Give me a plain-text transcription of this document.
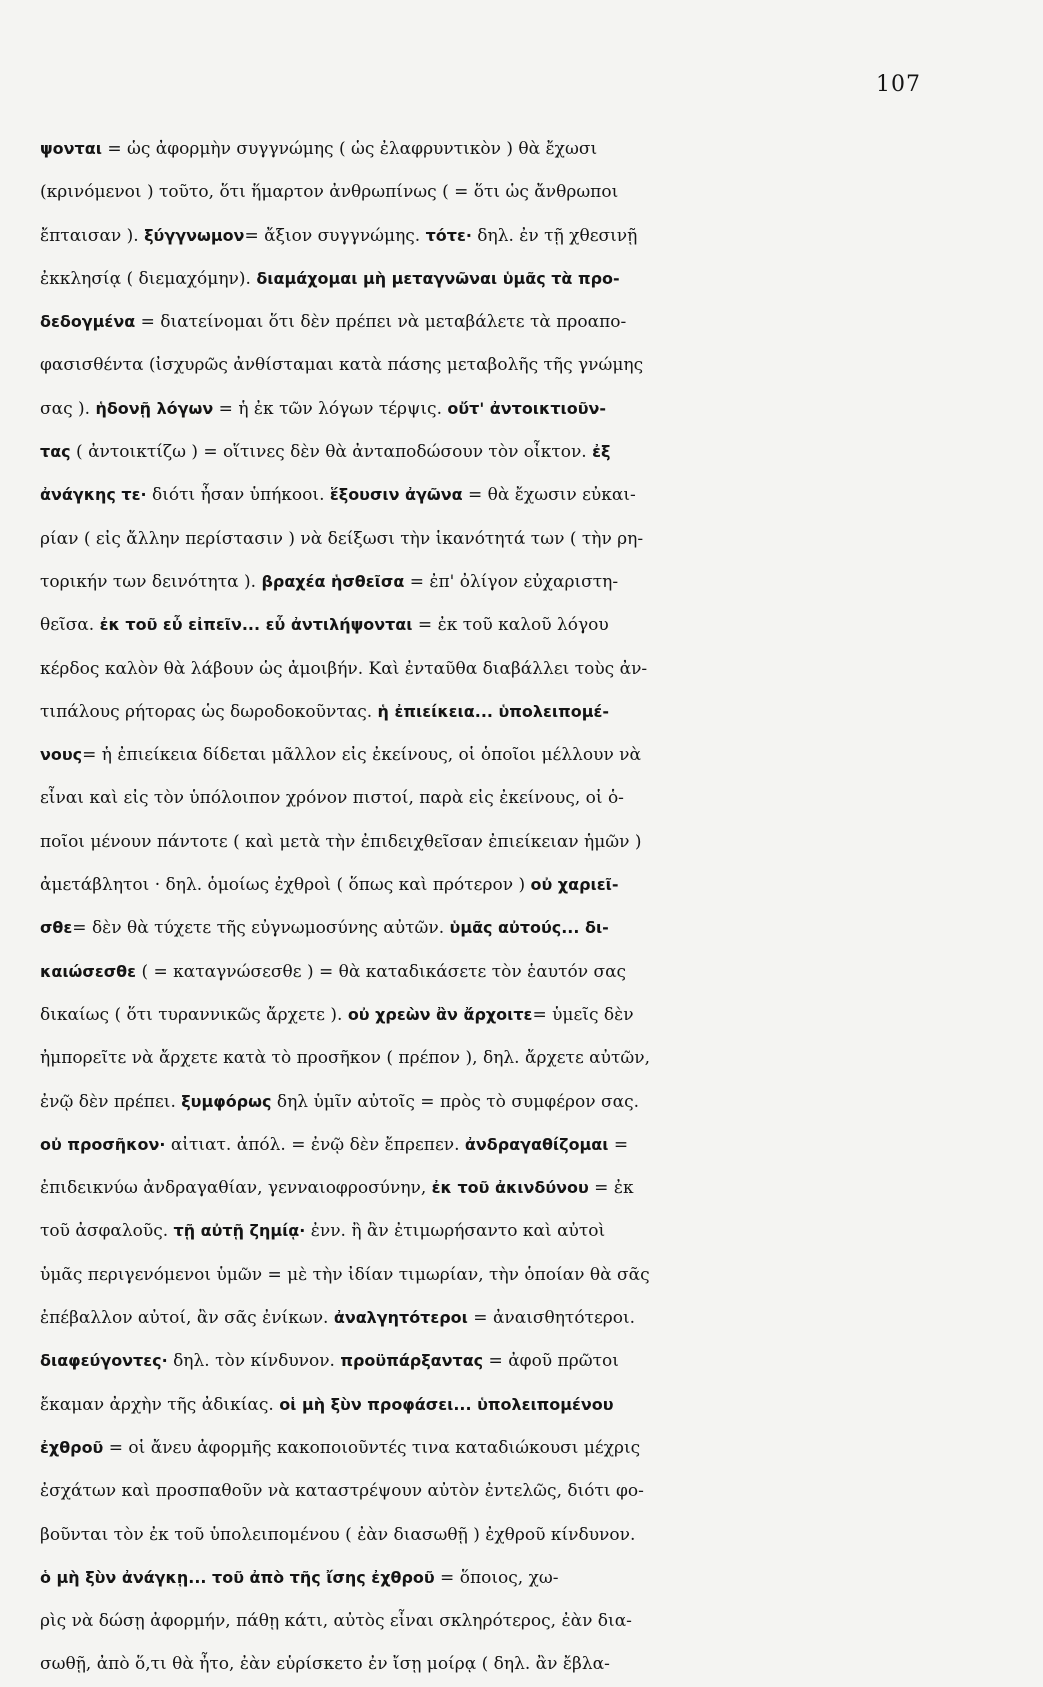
107
ψονται = ὡς ἀφορμὴν συγγνώμης ( ὡς ἐλαφρυντικὸν ) θὰ ἔχωσι
(κρινόμενοι ) τοῦτο, ὅτι ἥμαρτον ἀνθρωπίνως ( = ὅτι ὡς ἄνθρωποι
ἔπταισαν ). ξύγγνωμον= ἄξιον συγγνώμης. τότε· δηλ. ἐν τῇ χθεσινῇ
ἐκκλησίᾳ ( διεμαχόμην). διαμάχομαι μὴ μεταγνῶναι ὑμᾶς τὰ προ-
δεδογμένα = διατείνομαι ὅτι δὲν πρέπει νὰ μεταβάλετε τὰ προαπο-
φασισθέντα (ἰσχυρῶς ἀνθίσταμαι κατὰ πάσης μεταβολῆς τῆς γνώμης
σας ). ἡδονῇ λόγων = ἡ ἐκ τῶν λόγων τέρψις. οὔτ' ἀντοικτιοῦν-
τας ( ἀντοικτίζω ) = οἵτινες δὲν θὰ ἀνταποδώσουν τὸν οἶκτον. ἐξ
ἀνάγκης τε· διότι ἦσαν ὑπήκοοι. ἕξουσιν ἀγῶνα = θὰ ἔχωσιν εὐκαι-
ρίαν ( εἰς ἄλλην περίστασιν ) νὰ δείξωσι τὴν ἱκανότητά των ( τὴν ρη-
τορικήν των δεινότητα ). βραχέα ἡσθεῖσα = ἐπ' ὀλίγον εὐχαριστη-
θεῖσα. ἐκ τοῦ εὖ εἰπεῖν... εὖ ἀντιλήψονται = ἐκ τοῦ καλοῦ λόγου
κέρδος καλὸν θὰ λάβουν ὡς ἀμοιβήν. Καὶ ἐνταῦθα διαβάλλει τοὺς ἀν-
τιπάλους ρήτορας ὡς δωροδοκοῦντας. ἡ ἐπιείκεια... ὑπολειπομέ-
νους= ἡ ἐπιείκεια δίδεται μᾶλλον εἰς ἐκείνους, οἱ ὁποῖοι μέλλουν νὰ
εἶναι καὶ εἰς τὸν ὑπόλοιπον χρόνον πιστοί, παρὰ εἰς ἐκείνους, οἱ ὁ-
ποῖοι μένουν πάντοτε ( καὶ μετὰ τὴν ἐπιδειχθεῖσαν ἐπιείκειαν ἡμῶν )
ἀμετάβλητοι · δηλ. ὁμοίως ἐχθροὶ ( ὅπως καὶ πρότερον ) οὐ χαριεῖ-
σθε= δὲν θὰ τύχετε τῆς εὐγνωμοσύνης αὐτῶν. ὑμᾶς αὐτούς... δι-
καιώσεσθε ( = καταγνώσεσθε ) = θὰ καταδικάσετε τὸν ἑαυτόν σας
δικαίως ( ὅτι τυραννικῶς ἄρχετε ). οὐ χρεὼν ἂν ἄρχοιτε= ὑμεῖς δὲν
ἠμπορεῖτε νὰ ἄρχετε κατὰ τὸ προσῆκον ( πρέπον ), δηλ. ἄρχετε αὐτῶν,
ἐνῷ δὲν πρέπει. ξυμφόρως δηλ ὑμῖν αὐτοῖς = πρὸς τὸ συμφέρον σας.
οὐ προσῆκον· αἰτιατ. ἀπόλ. = ἐνῷ δὲν ἔπρεπεν. ἀνδραγαθίζομαι =
ἐπιδεικνύω ἀνδραγαθίαν, γενναιοφροσύνην, ἐκ τοῦ ἀκινδύνου = ἐκ
τοῦ ἀσφαλοῦς. τῇ αὐτῇ ζημίᾳ· ἐνν. ἢ ἂν ἐτιμωρήσαντο καὶ αὐτοὶ
ὑμᾶς περιγενόμενοι ὑμῶν = μὲ τὴν ἰδίαν τιμωρίαν, τὴν ὁποίαν θὰ σᾶς
ἐπέβαλλον αὐτοί, ἂν σᾶς ἐνίκων. ἀναλγητότεροι = ἀναισθητότεροι.
διαφεύγοντες· δηλ. τὸν κίνδυνον. προϋπάρξαντας = ἀφοῦ πρῶτοι
ἔκαμαν ἀρχὴν τῆς ἀδικίας. οἱ μὴ ξὺν προφάσει... ὑπολειπομένου
ἐχθροῦ = οἱ ἄνευ ἀφορμῆς κακοποιοῦντές τινα καταδιώκουσι μέχρις
ἐσχάτων καὶ προσπαθοῦν νὰ καταστρέψουν αὐτὸν ἐντελῶς, διότι φο-
βοῦνται τὸν ἐκ τοῦ ὑπολειπομένου ( ἐὰν διασωθῇ ) ἐχθροῦ κίνδυνον.
ὁ μὴ ξὺν ἀνάγκῃ... τοῦ ἀπὸ τῆς ἴσης ἐχθροῦ = ὅποιος, χω-
ρὶς νὰ δώσῃ ἀφορμήν, πάθῃ κάτι, αὐτὸς εἶναι σκληρότερος, ἐὰν δια-
σωθῇ, ἀπὸ ὅ,τι θὰ ἦτο, ἐὰν εὑρίσκετο ἐν ἴσῃ μοίρᾳ ( δηλ. ἂν ἔβλα-
